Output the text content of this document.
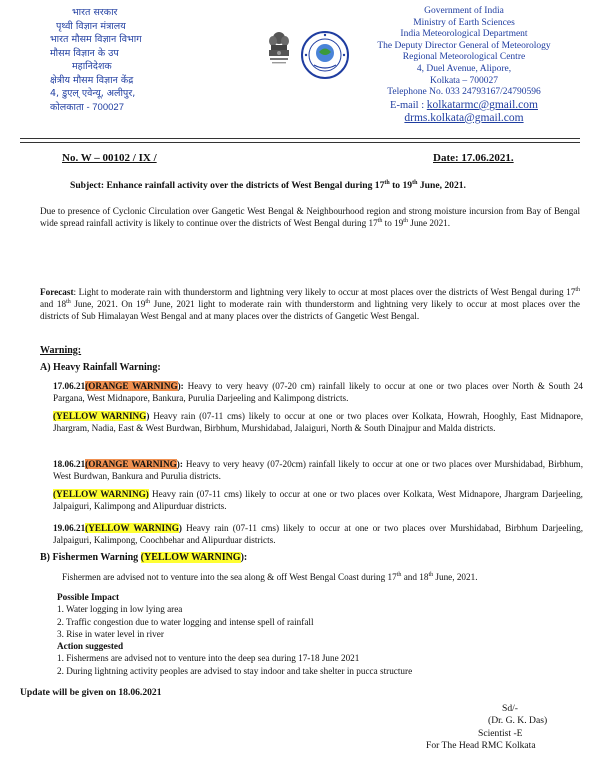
भारत सरकार
पृथ्वी विज्ञान मंत्रालय
भारत मौसम विज्ञान विभाग
मौसम विज्ञान के उप
महानिदेशक
क्षेत्रीय मौसम विज्ञान केंद्र
4, डुएल् एवेन्यू, अलीपुर,
कोलकाता - 700027
Government of India
Ministry of Earth Sciences
India Meteorological Department
The Deputy Director General of Meteorology
Regional Meteorological Centre
4, Duel Avenue, Alipore,
Kolkata – 700027
Telephone No. 033 24793167/24790596
E-mail : kolkatarmc@gmail.com
drms.kolkata@gmail.com
No. W – 00102 / IX /	Date: 17.06.2021.
Subject: Enhance rainfall activity over the districts of West Bengal during 17th to 19th June, 2021.
Due to presence of Cyclonic Circulation over Gangetic West Bengal & Neighbourhood region and strong moisture incursion from Bay of Bengal wide spread rainfall activity is likely to continue over the districts of West Bengal during 17th to 19th June 2021.
Forecast: Light to moderate rain with thunderstorm and lightning very likely to occur at most places over the districts of West Bengal during 17th and 18th June, 2021. On 19th June, 2021 light to moderate rain with thunderstorm and lightning very likely to occur at most places over the districts of Sub Himalayan West Bengal and at many places over the districts of Gangetic West Bengal.
Warning:
A) Heavy Rainfall Warning:
17.06.21(ORANGE WARNING): Heavy to very heavy (07-20 cm) rainfall likely to occur at one or two places over North & South 24 Pargana, West Midnapore, Bankura, Purulia Darjeeling and Kalimpong districts.
(YELLOW WARNING) Heavy rain (07-11 cms) likely to occur at one or two places over Kolkata, Howrah, Hooghly, East Midnapore, Jhargram, Nadia, East & West Burdwan, Birbhum, Murshidabad, Jalaiguri, North & South Dinajpur and Malda districts.
18.06.21(ORANGE WARNING): Heavy to very heavy (07-20cm) rainfall likely to occur at one or two places over Murshidabad, Birbhum, West Burdwan, Bankura and Purulia districts.
(YELLOW WARNING) Heavy rain (07-11 cms) likely to occur at one or two places over Kolkata, West Midnapore, Jhargram Darjeeling, Jalpaiguri, Kalimpong and Alipurduar districts.
19.06.21(YELLOW WARNING) Heavy rain (07-11 cms) likely to occur at one or two places over Murshidabad, Birbhum Darjeeling, Jalpaiguri, Kalimpong, Coochbehar and Alipurduar districts.
B) Fishermen Warning (YELLOW WARNING):
Fishermen are advised not to venture into the sea along & off West Bengal Coast during 17th and 18th June, 2021.
Possible Impact
1. Water logging in low lying area
2. Traffic congestion due to water logging and intense spell of rainfall
3. Rise in water level in river
Action suggested
1. Fishermens are advised not to venture into the deep sea during 17-18 June 2021
2. During lightning activity peoples are advised to stay indoor and take shelter in pucca structure
Update will be given on 18.06.2021
Sd/-
(Dr. G. K. Das)
Scientist -E
For The Head RMC Kolkata
